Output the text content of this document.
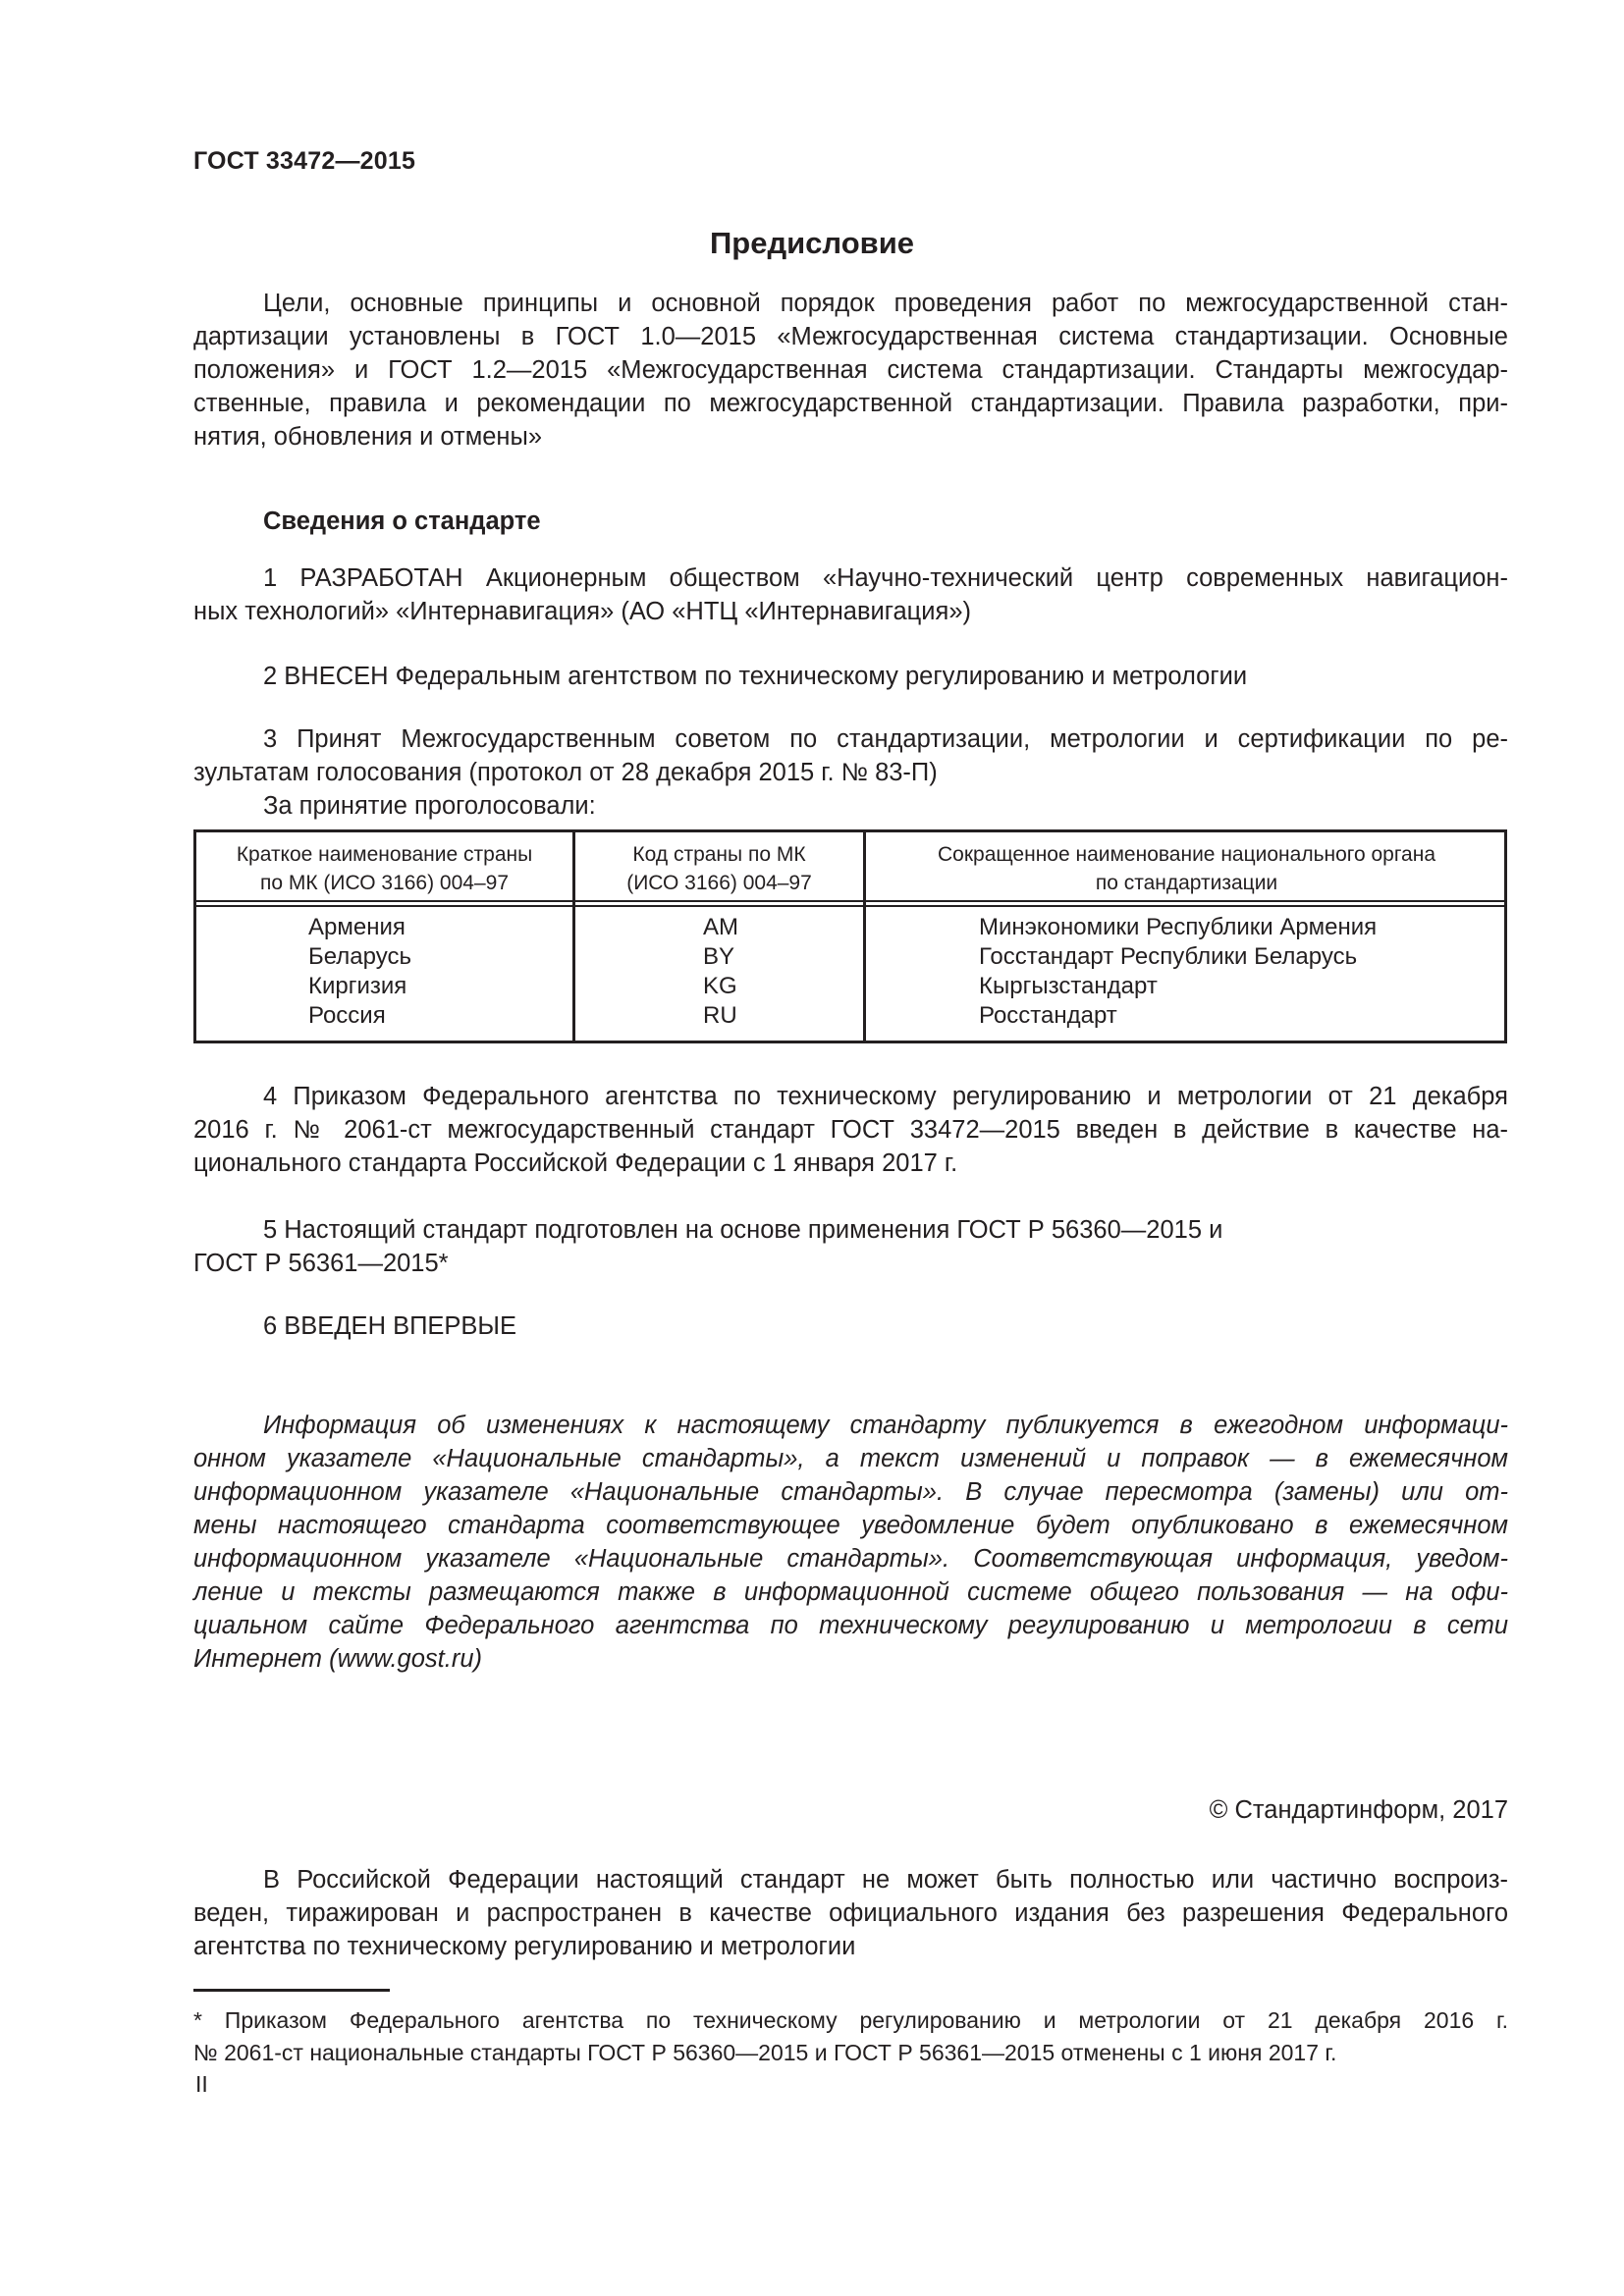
ГОСТ 33472—2015
Предисловие
Цели, основные принципы и основной порядок проведения работ по межгосударственной стан-
дартизации установлены в ГОСТ 1.0—2015 «Межгосударственная система стандартизации. Основные
положения» и ГОСТ 1.2—2015 «Межгосударственная система стандартизации. Стандарты межгосудар-
ственные, правила и рекомендации по межгосударственной стандартизации. Правила разработки, при-
нятия, обновления и отмены»
Сведения о стандарте
1 РАЗРАБОТАН Акционерным обществом «Научно-технический центр современных навигацион-
ных технологий» «Интернавигация» (АО «НТЦ «Интернавигация»)
2 ВНЕСЕН Федеральным агентством по техническому регулированию и метрологии
3 Принят Межгосударственным советом по стандартизации, метрологии и сертификации по ре-
зультатам голосования (протокол от 28 декабря 2015 г. № 83-П)
За принятие проголосовали:
Краткое наименование страны
по МК (ИСО 3166) 004–97
Код страны по МК
(ИСО 3166) 004–97
Сокращенное наименование национального органа
по стандартизации
Армения
Беларусь
Киргизия
Россия
AM
BY
KG
RU
Минэкономики Республики Армения
Госстандарт Республики Беларусь
Кыргызстандарт
Росстандарт
4 Приказом Федерального агентства по техническому регулированию и метрологии от 21 декабря
2016 г. № 2061-ст межгосударственный стандарт ГОСТ 33472—2015 введен в действие в качестве на-
ционального стандарта Российской Федерации с 1 января 2017 г.
5 Настоящий стандарт подготовлен на основе применения ГОСТ Р 56360—2015 и
ГОСТ Р 56361—2015*
6 ВВЕДЕН ВПЕРВЫЕ
Информация об изменениях к настоящему стандарту публикуется в ежегодном информаци-
онном указателе «Национальные стандарты», а текст изменений и поправок — в ежемесячном
информационном указателе «Национальные стандарты». В случае пересмотра (замены) или от-
мены настоящего стандарта соответствующее уведомление будет опубликовано в ежемесячном
информационном указателе «Национальные стандарты». Соответствующая информация, уведом-
ление и тексты размещаются также в информационной системе общего пользования — на офи-
циальном сайте Федерального агентства по техническому регулированию и метрологии в сети
Интернет (www.gost.ru)
© Стандартинформ, 2017
В Российской Федерации настоящий стандарт не может быть полностью или частично воспроиз-
веден, тиражирован и распространен в качестве официального издания без разрешения Федерального
агентства по техническому регулированию и метрологии
* Приказом Федерального агентства по техническому регулированию и метрологии от 21 декабря 2016 г.
№ 2061-ст национальные стандарты ГОСТ Р 56360—2015 и ГОСТ Р 56361—2015 отменены с 1 июня 2017 г.
II
